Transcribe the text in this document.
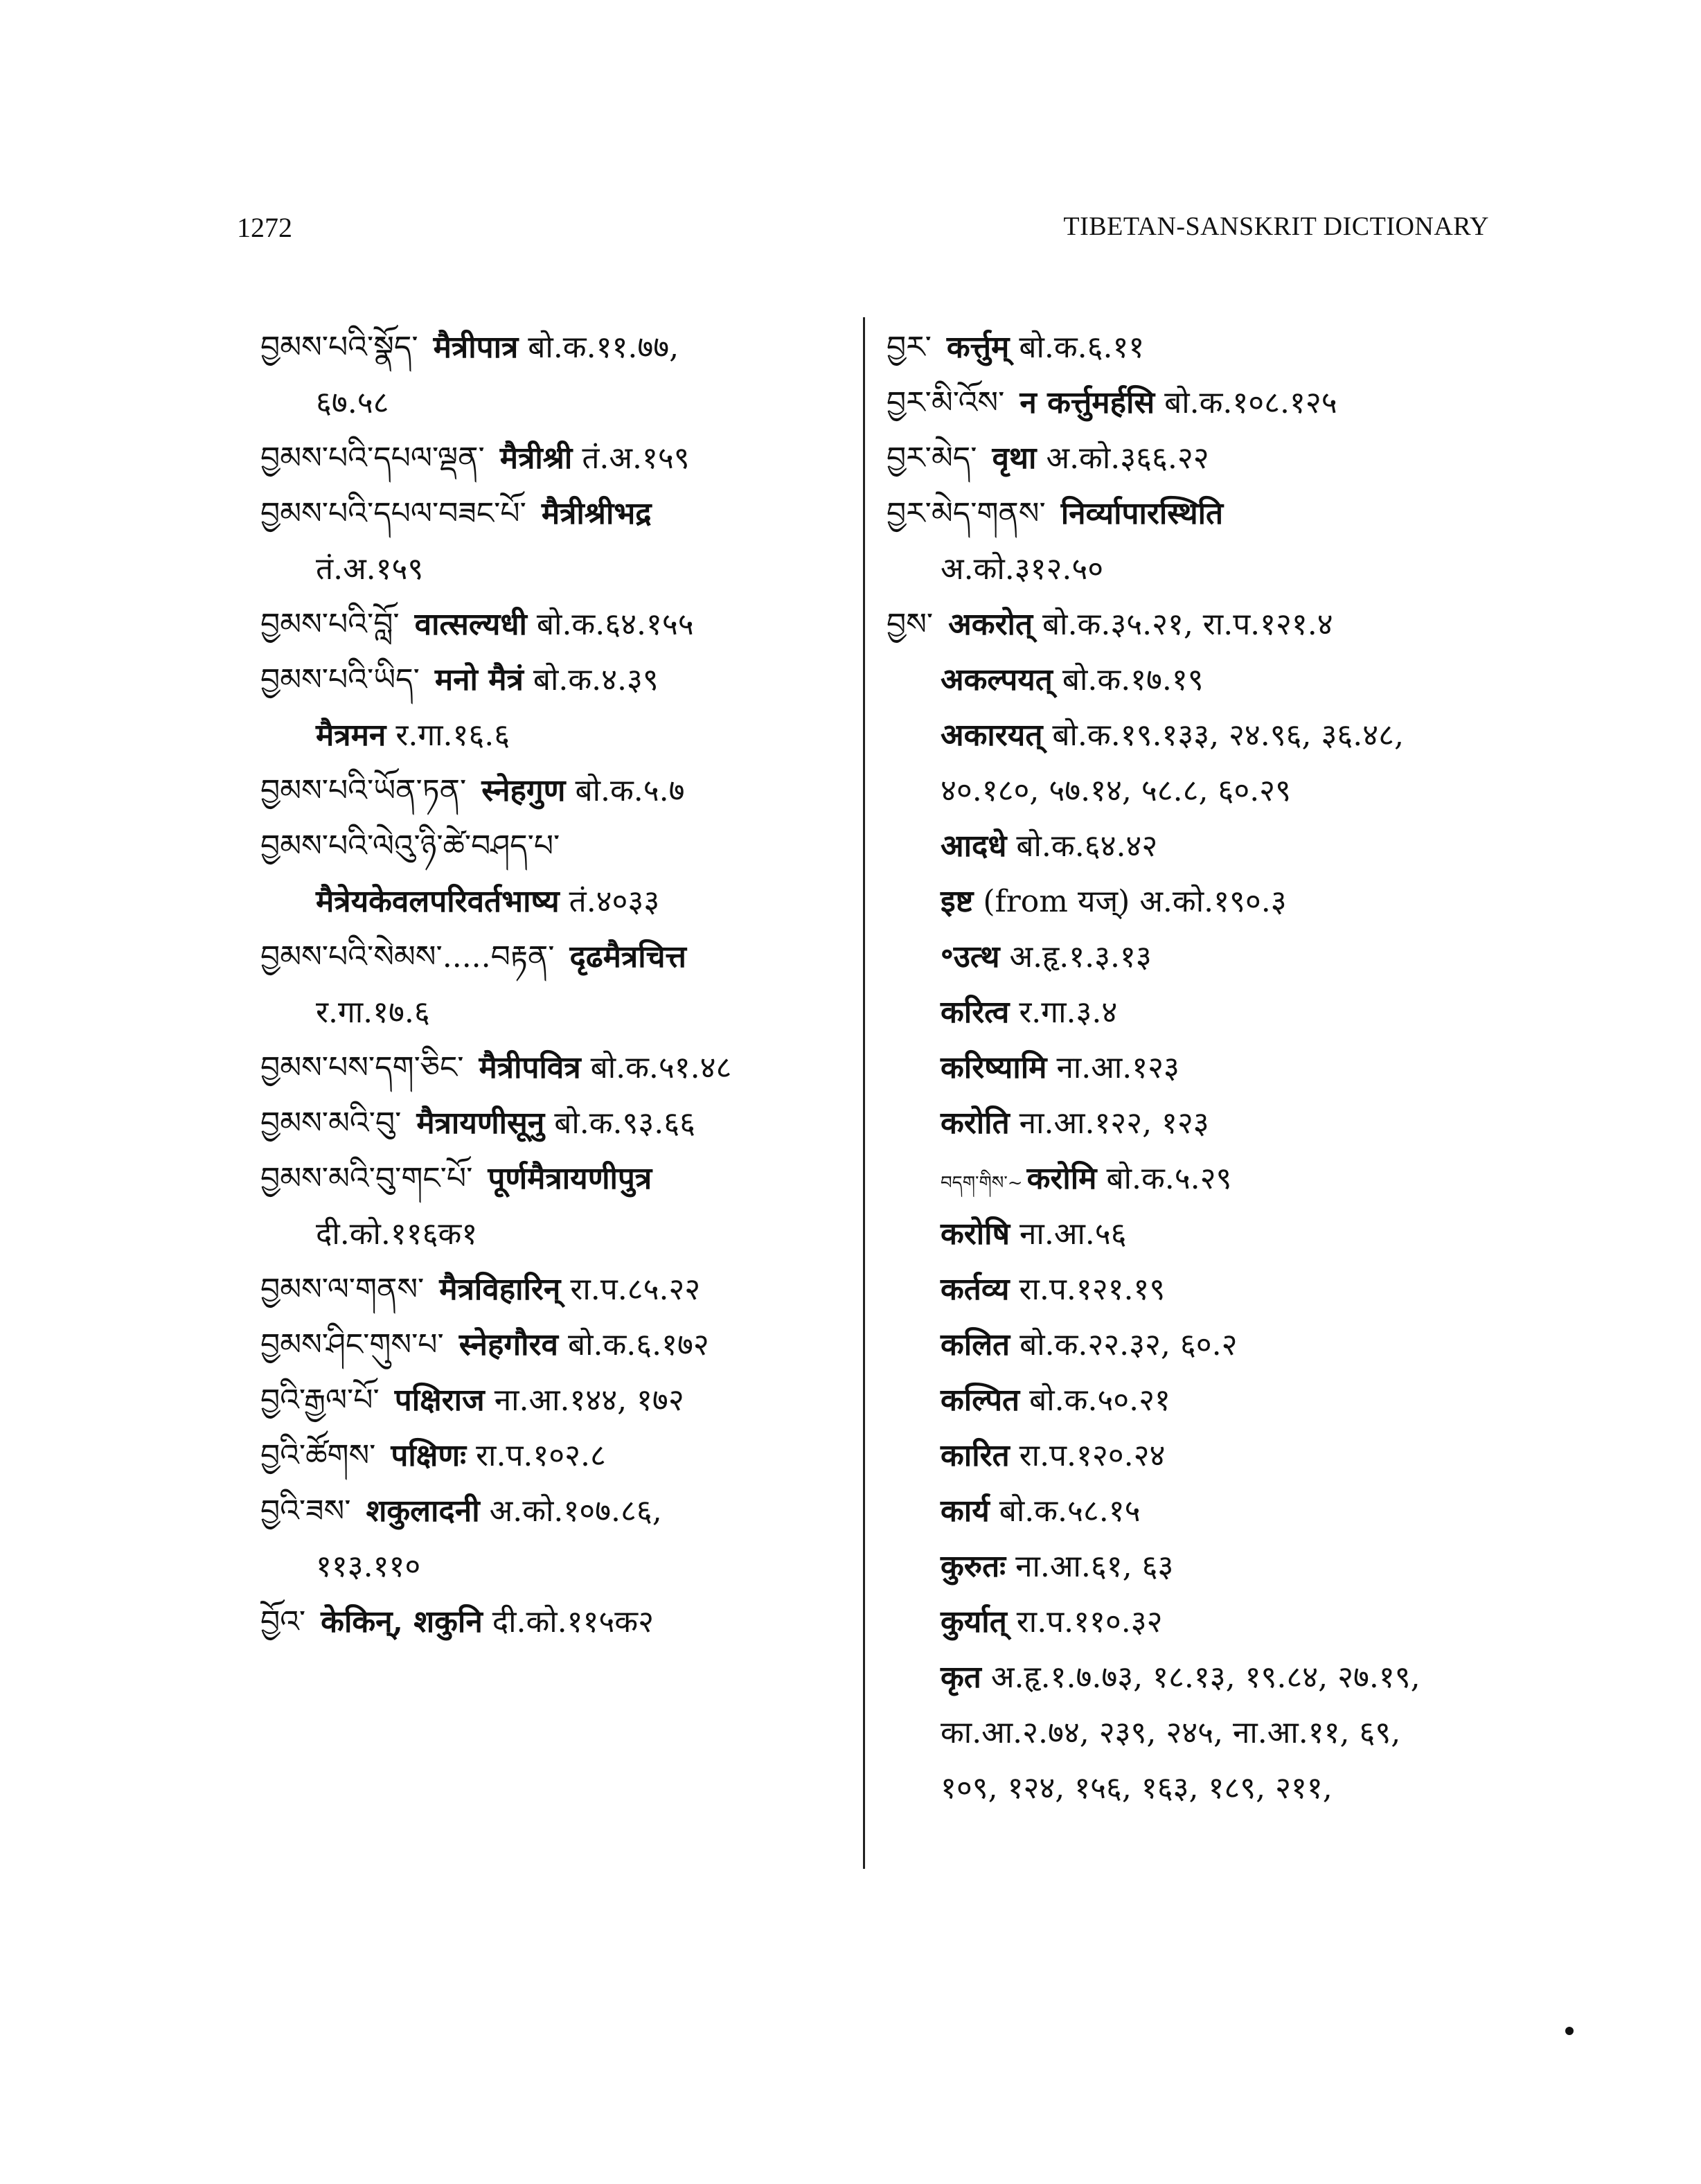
1272	TIBETAN-SANSKRIT DICTIONARY
བྱམས་པའི་སྣོད་ मैत्रीपात्र बो.क.११.७७,
६७.५८
བྱམས་པའི་དཔལ་ལྡན་ मैत्रीश्री तं.अ.१५९
བྱམས་པའི་དཔལ་བཟང་པོ་ मैत्रीश्रीभद्र
तं.अ.१५९
བྱམས་པའི་བློ་ वात्सल्यधी बो.क.६४.१५५
བྱམས་པའི་ཡིད་ मनो मैत्रं बो.क.४.३९
मैत्रमन र.गा.१६.६
བྱམས་པའི་ཡོན་ཏན་ स्नेहगुण बो.क.५.७
བྱམས་པའི་ལེའུ་ཉི་ཚེ་བཤད་པ་
मैत्रेयकेवलपरिवर्तभाष्य तं.४०३३
བྱམས་པའི་སེམས་.....བརྟན་ दृढमैत्रचित्त
र.गा.१७.६
བྱམས་པས་དག་ཅིང་ मैत्रीपवित्र बो.क.५१.४८
བྱམས་མའི་བུ་ मैत्रायणीसूनु बो.क.९३.६६
བྱམས་མའི་བུ་གང་པོ་ पूर्णमैत्रायणीपुत्र
दी.को.११६क१
བྱམས་ལ་གནས་ मैत्रविहारिन् रा.प.८५.२२
བྱམས་ཤིང་གུས་པ་ स्नेहगौरव बो.क.६.१७२
བྱའི་རྒྱལ་པོ་ पक्षिराज ना.आ.१४४, १७२
བྱའི་ཚོགས་ पक्षिणः रा.प.१०२.८
བྱའི་ཟས་ शकुलादनी अ.को.१०७.८६,
११३.११०
བྱོའ་ केकिन्, शकुनि दी.को.११५क२
བྱར་ कर्त्तुम् बो.क.६.११
བྱར་མི་འོས་ न कर्त्तुमर्हसि बो.क.१०८.१२५
བྱར་མེད་ वृथा अ.को.३६६.२२
བྱར་མེད་གནས་ निर्व्यापारस्थिति
अ.को.३१२.५०
བྱས་ अकरोत् बो.क.३५.२१, रा.प.१२१.४
अकल्पयत् बो.क.१७.१९
अकारयत् बो.क.१९.१३३, २४.९६, ३६.४८,
४०.१८०, ५७.१४, ५८.८, ६०.२९
आदधे बो.क.६४.४२
इष्ट (from यज्) अ.को.१९०.३
॰उत्थ अ.हृ.१.३.१३
करित्व र.गा.३.४
करिष्यामि ना.आ.१२३
करोति ना.आ.१२२, १२३
བདག་གིས་~ करोमि बो.क.५.२९
करोषि ना.आ.५६
कर्तव्य रा.प.१२१.१९
कलित बो.क.२२.३२, ६०.२
कल्पित बो.क.५०.२१
कारित रा.प.१२०.२४
कार्य बो.क.५८.१५
कुरुतः ना.आ.६१, ६३
कुर्यात् रा.प.११०.३२
कृत अ.हृ.१.७.७३, १८.१३, १९.८४, २७.१९,
का.आ.२.७४, २३९, २४५, ना.आ.११, ६९,
१०९, १२४, १५६, १६३, १८९, २११,
